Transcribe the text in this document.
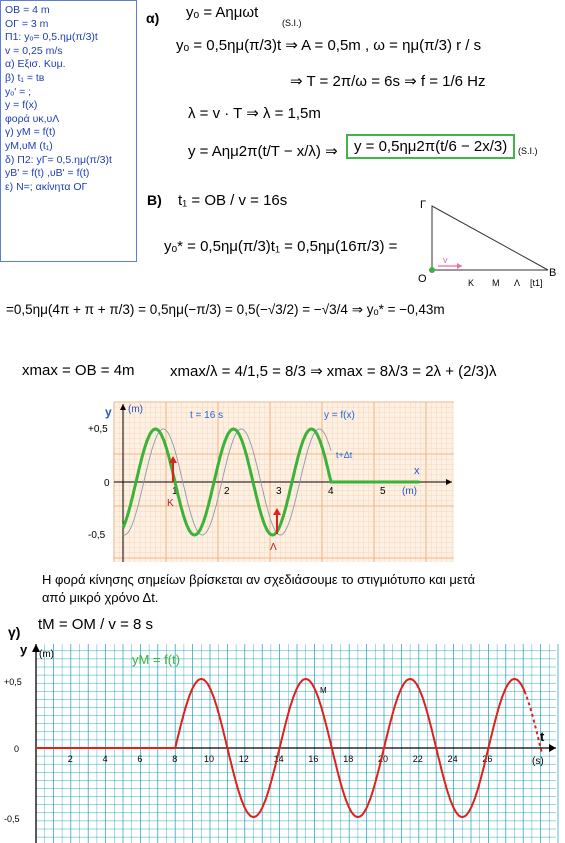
ΟΒ = 4 m
ΟΓ = 3 m
Π1: yₒ= 0,5.ημ(π/3)t
v = 0,25 m/s
α) Εξισ. Κυμ.
β) t₁ = tʙ
yₒ' = ;
y = f(x)
φορά υκ,υΛ
γ) yM = f(t)
yM,υM (t₁)
δ) Π2: yΓ= 0,5.ημ(π/3)t
yΒ' = f(t) ,υΒ' = f(t)
ε) N=; ακίνητα ΟΓ
α) yₒ = Aημωt
(S.I.)
yₒ = 0,5ημ(π/3)t ⇒ A = 0,5m , ω = ημ(π/3) r / s
⇒ T = 2π/ω = 6s ⇒ f = 1/6 Hz
λ = v · T ⇒ λ = 1,5m
y = Aημ2π(t/T − x/λ) ⇒	y = 0,5ημ2π(t/6 − 2x/3)	(S.I.)
B) t₁ = OB / v = 16s
yₒ* = 0,5ημ(π/3)t₁ = 0,5ημ(16π/3) =
=0,5ημ(4π + π + π/3) = 0,5ημ(−π/3) = 0,5(−√3/2) = −√3/4 ⇒ yₒ* = −0,43m
xmax = OB = 4m xmax/λ = 4/1,5 = 8/3 ⇒ xmax = 8λ/3 = 2λ + (2/3)λ
Γ
O
v
K M Λ
B
[t1]
y (m)
x
(m)
t = 16 s	y = f(x)
t+Δt
+0,5
0
-0,5
1	2	3	4	5
K
Λ
Η φορά κίνησης σημείων βρίσκεται αν σχεδιάσουμε το στιγμιότυπο και μετά
από μικρό χρόνο Δt.
γ) tM = OM / v = 8 s
y (m)
t
(s)
yM = f(t)
+0,5
0
-0,5
2	4	6	8	10	12	14	16	18	20	22	24	26
M
